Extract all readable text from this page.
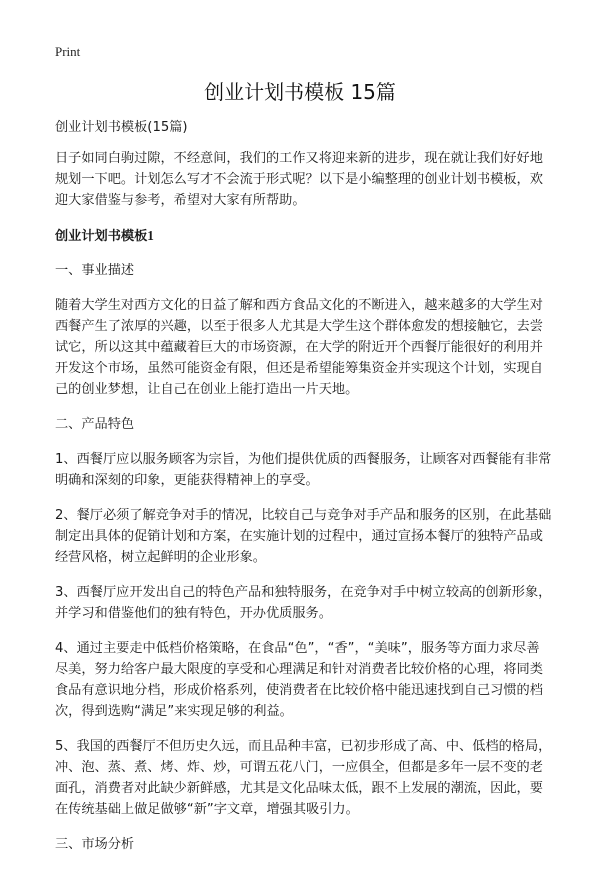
Print
创业计划书模板 15篇

创业计划书模板(15篇)

日子如同白驹过隙，不经意间，我们的工作又将迎来新的进步，现在就让我们好好地规划一下吧。计划怎么写才不会流于形式呢？以下是小编整理的创业计划书模板，欢迎大家借鉴与参考，希望对大家有所帮助。

创业计划书模板1

一、事业描述

随着大学生对西方文化的日益了解和西方食品文化的不断进入，越来越多的大学生对西餐产生了浓厚的兴趣，以至于很多人尤其是大学生这个群体愈发的想接触它，去尝试它，所以这其中蕴藏着巨大的市场资源，在大学的附近开个西餐厅能很好的利用并开发这个市场，虽然可能资金有限，但还是希望能筹集资金并实现这个计划，实现自己的创业梦想，让自己在创业上能打造出一片天地。

二、产品特色

1、西餐厅应以服务顾客为宗旨，为他们提供优质的西餐服务，让顾客对西餐能有非常明确和深刻的印象，更能获得精神上的享受。

2、餐厅必须了解竞争对手的情况，比较自己与竞争对手产品和服务的区别，在此基础制定出具体的促销计划和方案，在实施计划的过程中，通过宣扬本餐厅的独特产品或经营风格，树立起鲜明的企业形象。

3、西餐厅应开发出自己的特色产品和独特服务，在竞争对手中树立较高的创新形象，并学习和借鉴他们的独有特色，开办优质服务。

4、通过主要走中低档价格策略，在食品“色”，“香”，“美味”，服务等方面力求尽善尽美，努力给客户最大限度的享受和心理满足和针对消费者比较价格的心理，将同类食品有意识地分档，形成价格系列，使消费者在比较价格中能迅速找到自己习惯的档次，得到选购“满足”来实现足够的利益。

5、我国的西餐厅不但历史久远，而且品种丰富，已初步形成了高、中、低档的格局，冲、泡、蒸、煮、烤、炸、炒，可谓五花八门，一应俱全，但都是多年一层不变的老面孔，消费者对此缺少新鲜感，尤其是文化品味太低，跟不上发展的潮流，因此，要在传统基础上做足做够“新”字文章，增强其吸引力。

三、市场分析
